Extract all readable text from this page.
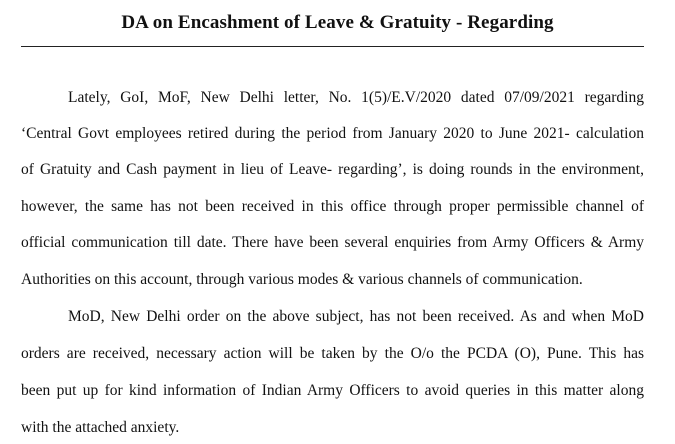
DA on Encashment of Leave & Gratuity - Regarding
Lately, GoI, MoF, New Delhi letter, No. 1(5)/E.V/2020 dated 07/09/2021 regarding
‘Central Govt employees retired during the period from January 2020 to June 2021- calculation
of Gratuity and Cash payment in lieu of Leave- regarding’, is doing rounds in the environment,
however, the same has not been received in this office through proper permissible channel of
official communication till date. There have been several enquiries from Army Officers & Army
Authorities on this account, through various modes & various channels of communication.
MoD, New Delhi order on the above subject, has not been received. As and when MoD
orders are received, necessary action will be taken by the O/o the PCDA (O), Pune. This has
been put up for kind information of Indian Army Officers to avoid queries in this matter along
with the attached anxiety.
